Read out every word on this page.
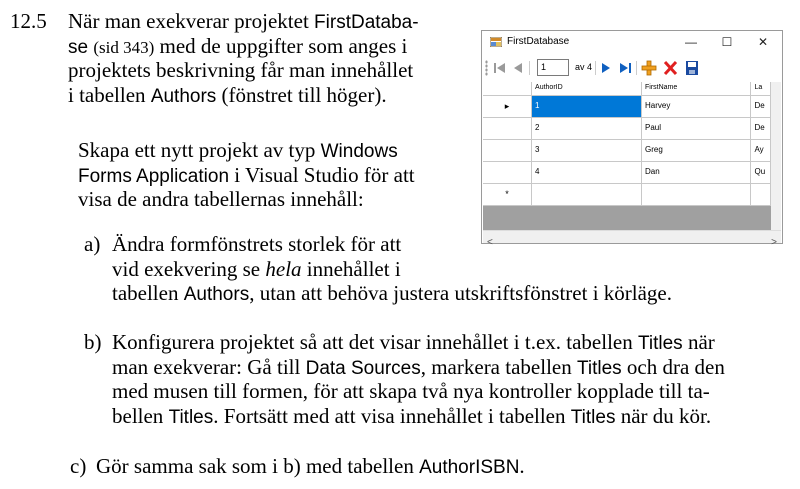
12.5 När man exekverar projektet FirstDataba-
se (sid 343) med de uppgifter som anges i
projektets beskrivning får man innehållet
i tabellen Authors (fönstret till höger).
Skapa ett nytt projekt av typ Windows
Forms Application i Visual Studio för att
visa de andra tabellernas innehåll:
a) Ändra formfönstrets storlek för att
vid exekvering se hela innehållet i
tabellen Authors, utan att behöva justera utskriftsfönstret i körläge.
b) Konfigurera projektet så att det visar innehållet i t.ex. tabellen Titles när
man exekverar: Gå till Data Sources, markera tabellen Titles och dra den
med musen till formen, för att skapa två nya kontroller kopplade till ta-
bellen Titles. Fortsätt med att visa innehållet i tabellen Titles när du kör.
c) Gör samma sak som i b) med tabellen AuthorISBN.
FirstDatabase	—	☐	✕
1	av 4
	AuthorID	FirstName	La
▸	1	Harvey	De
	2	Paul	De
	3	Greg	Ay
	4	Dan	Qu
*			
<	>
